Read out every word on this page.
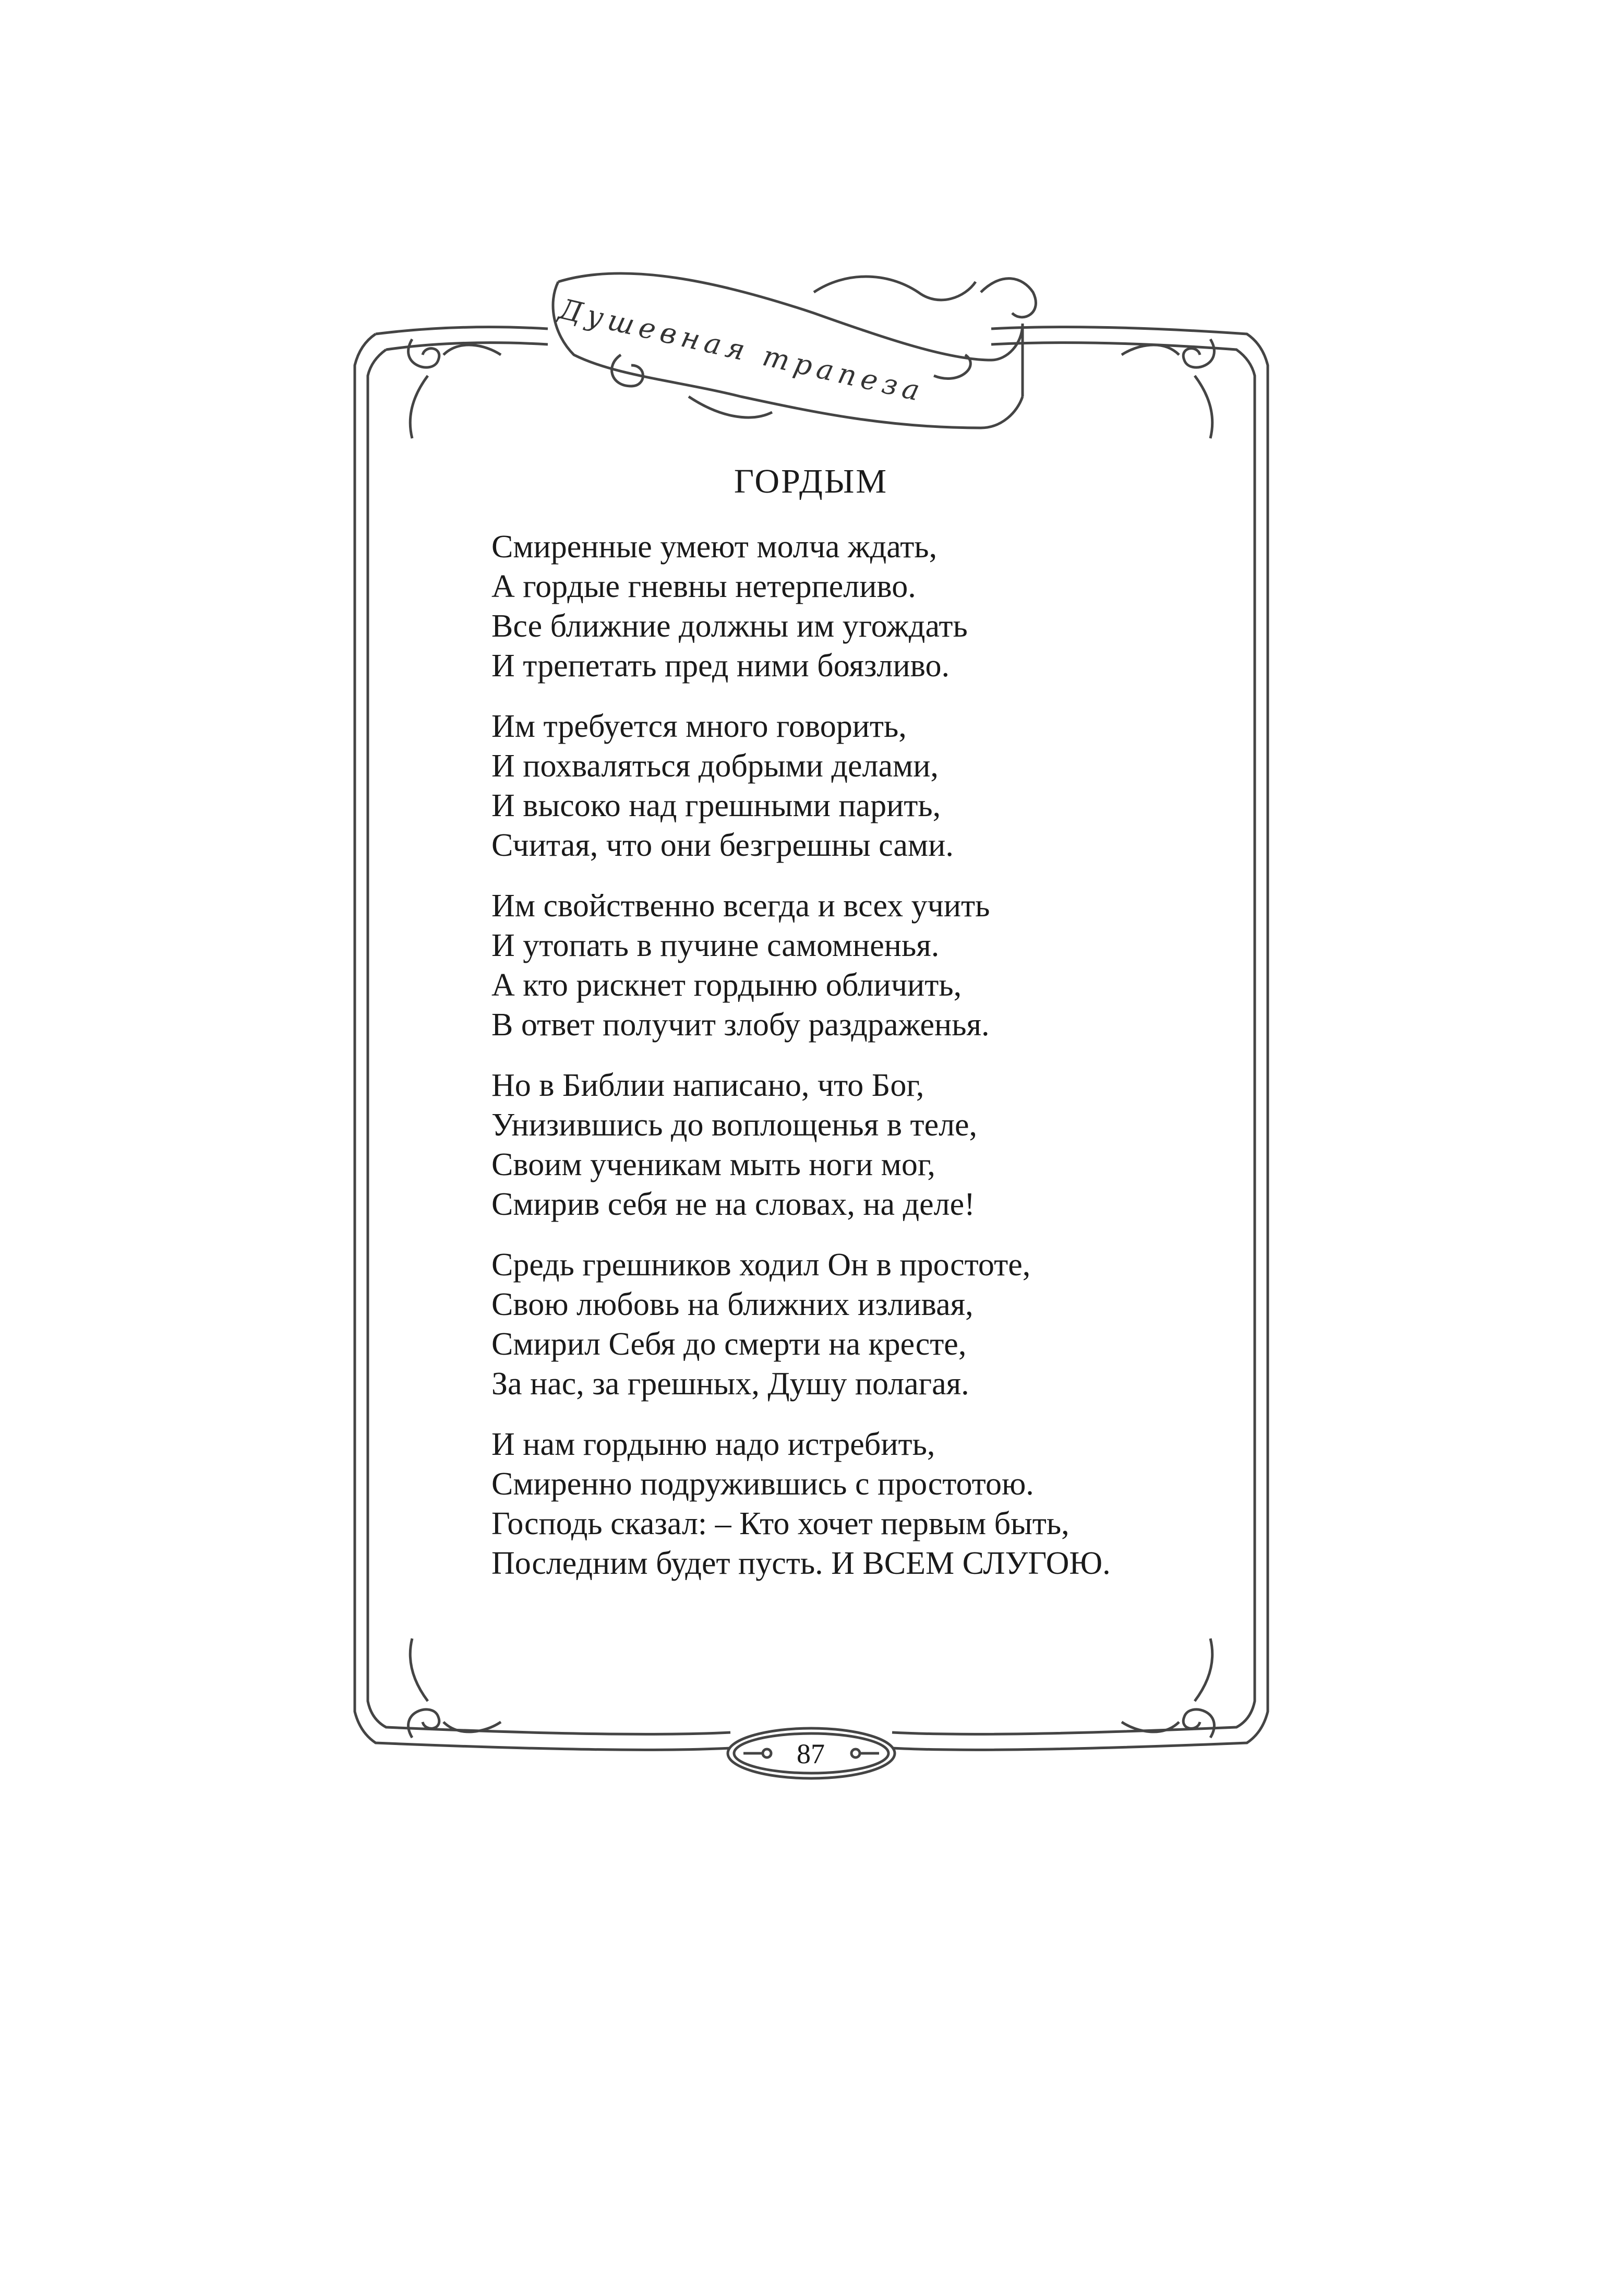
Душевная трапеза
ГОРДЫМ
Смиренные умеют молча ждать,
А гордые гневны нетерпеливо.
Все ближние должны им угождать
И трепетать пред ними боязливо.
Им требуется много говорить,
И похваляться добрыми делами,
И высоко над грешными парить,
Считая, что они безгрешны сами.
Им свойственно всегда и всех учить
И утопать в пучине самомненья.
А кто рискнет гордыню обличить,
В ответ получит злобу раздраженья.
Но в Библии написано, что Бог,
Унизившись до воплощенья в теле,
Своим ученикам мыть ноги мог,
Смирив себя не на словах, на деле!
Средь грешников ходил Он в простоте,
Свою любовь на ближних изливая,
Смирил Себя до смерти на кресте,
За нас, за грешных, Душу полагая.
И нам гордыню надо истребить,
Смиренно подружившись с простотою.
Господь сказал: – Кто хочет первым быть,
Последним будет пусть. И ВСЕМ СЛУГОЮ.
87
